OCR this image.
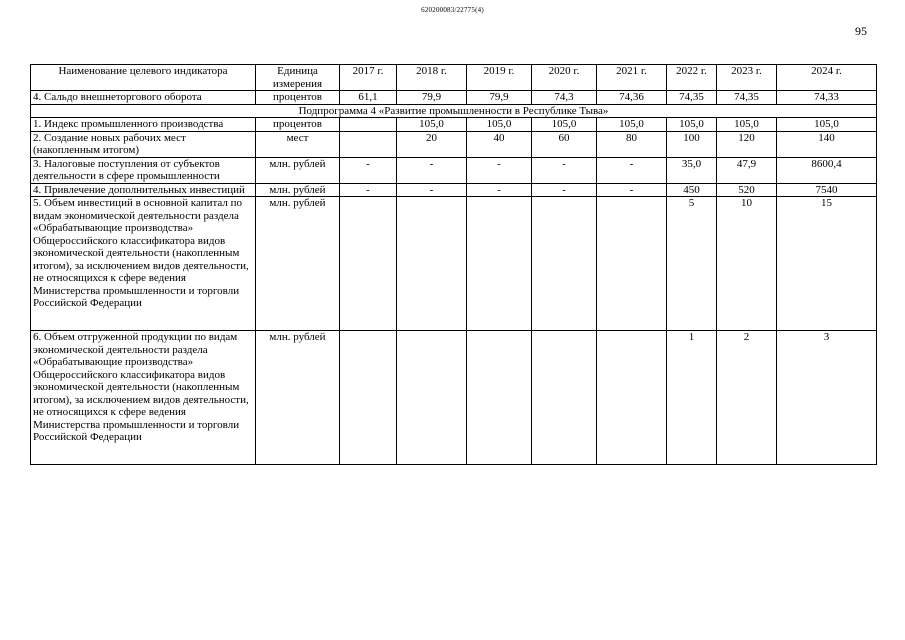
620200083/22775(4)
95
Наименование целевого индикатора	Единица измерения	2017 г.	2018 г.	2019 г.	2020 г.	2021 г.	2022 г.	2023 г.	2024 г.
4. Сальдо внешнеторгового оборота	процентов	61,1	79,9	79,9	74,3	74,36	74,35	74,35	74,33
Подпрограмма 4 «Развитие промышленности в Республике Тыва»									
1. Индекс промышленного производства	процентов		105,0	105,0	105,0	105,0	105,0	105,0	105,0
2. Создание новых рабочих мест (накопленным итогом)	мест		20	40	60	80	100	120	140
3. Налоговые поступления от субъектов деятельности в сфере промышленности	млн. рублей	-	-	-	-	-	35,0	47,9	8600,4
4. Привлечение дополнительных инвестиций	млн. рублей	-	-	-	-	-	450	520	7540
5. Объем инвестиций в основной капитал по видам экономической деятельности раздела «Обрабатывающие производства» Общероссийского классификатора видов экономической деятельности (накопленным итогом), за исключением видов деятельности, не относящихся к сфере ведения Министерства промышленности и торговли Российской Федерации	млн. рублей						5	10	15
6. Объем отгруженной продукции по видам экономической деятельности раздела «Обрабатывающие производства» Общероссийского классификатора видов экономической деятельности (накопленным итогом), за исключением видов деятельности, не относящихся к сфере ведения Министерства промышленности и торговли Российской Федерации	млн. рублей						1	2	3
